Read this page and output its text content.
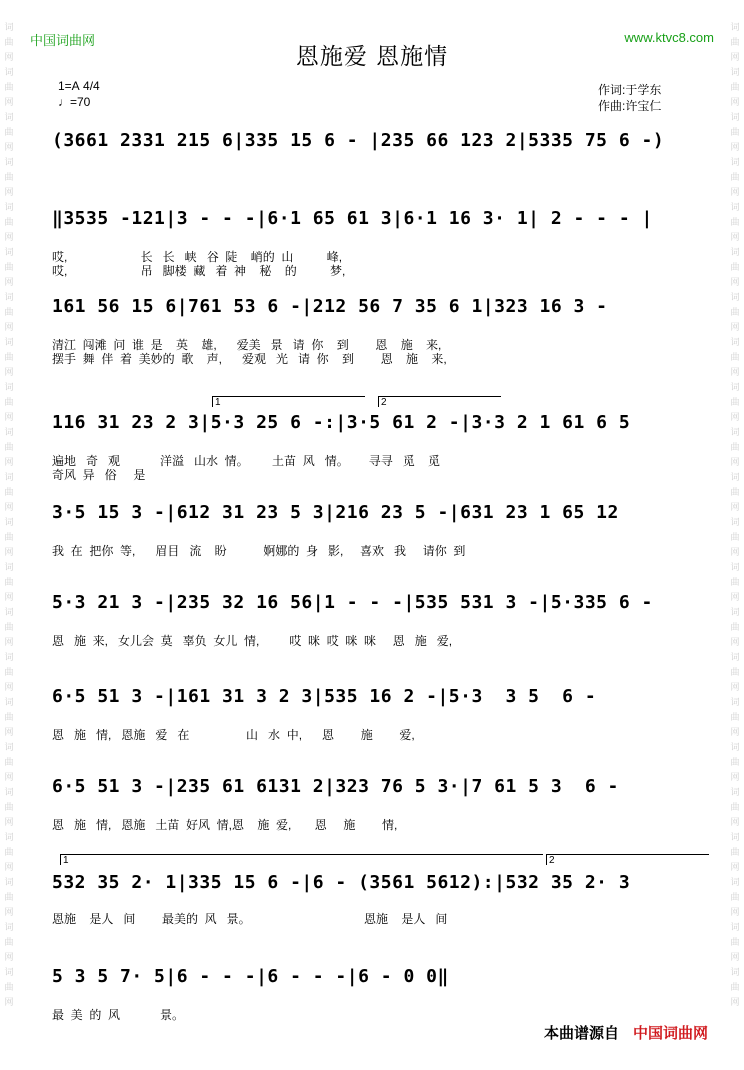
中国词曲网	www.ktvc8.com
词曲网词曲网词曲网词曲网词曲网词曲网词曲网词曲网词曲网词曲网词曲网词曲网词曲网词曲网词曲网词曲网词曲网词曲网词曲网词曲网词曲网词曲网
词曲网词曲网词曲网词曲网词曲网词曲网词曲网词曲网词曲网词曲网词曲网词曲网词曲网词曲网词曲网词曲网词曲网词曲网词曲网词曲网词曲网词曲网
恩施爱 恩施情
1=A 4/4
♩=70
作词:于学东
作曲:许宝仁
(3661 2331 215 6|335 15 6 - |235 66 123 2|5335 75 6 -)
‖3535 -121|3 - - -|6·1 65 61 3|6·1 16 3· 1| 2 - - - |
哎,                      长   长   峡   谷  陡    峭的  山          峰,
哎,                      吊   脚楼  藏   着  神    秘    的          梦,
161 56 15 6|761 53 6 -|212 56 7 35 6 1|323 16 3 -
清江  闯滩  问  谁  是    英    雄,      爱美   景   请  你    到        恩    施    来,
摆手  舞  伴  着  美妙的  歌    声,      爱观   光   请  你    到        恩    施    来,
1	2
116 31 23 2 3|5·3 25 6 -:|3·5 61 2 -|3·3 2 1 61 6 5
遍地   奇   观            洋溢   山水  情。       土苗  风   情。      寻寻   觅    觅
奇风  异   俗     是
3·5 15 3 -|612 31 23 5 3|216 23 5 -|631 23 1 65 12
我  在  把你  等,      眉目   流    盼           婀娜的  身   影,     喜欢   我     请你  到
5·3 21 3 -|235 32 16 56|1 - - -|535 531 3 -|5·335 6 -
恩   施  来,   女儿会  莫   辜负  女儿  情,         哎  咪  哎  咪  咪     恩   施   爱,
6·5 51 3 -|161 31 3 2 3|535 16 2 -|5·3  3 5  6 -
恩   施   情,   恩施   爱   在                 山   水  中,      恩        施        爱,
6·5 51 3 -|235 61 6131 2|323 76 5 3·|7 61 5 3  6 -
恩   施   情,   恩施   土苗  好风  情,恩    施  爱,       恩     施        情,
1	2
532 35 2· 1|335 15 6 -|6 - (3561 5612):|532 35 2· 3
恩施    是人   间        最美的  风   景。                                  恩施    是人   间
5 3 5 7· 5|6 - - -|6 - - -|6 - 0 0‖
最  美  的  风            景。
本曲谱源自 中国词曲网
